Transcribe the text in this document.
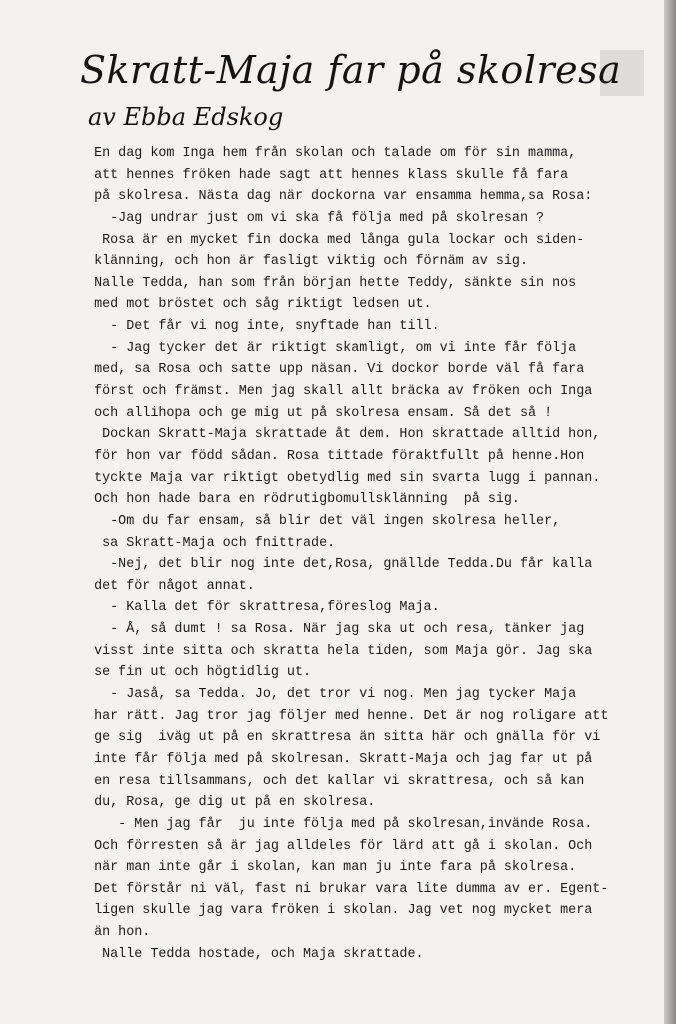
Skratt-Maja far på skolresa
av Ebba Edskog
En dag kom Inga hem från skolan och talade om för sin mamma,
att hennes fröken hade sagt att hennes klass skulle få fara
på skolresa. Nästa dag när dockorna var ensamma hemma,sa Rosa:
-Jag undrar just om vi ska få följa med på skolresan ?
Rosa är en mycket fin docka med långa gula lockar och siden-
klänning, och hon är fasligt viktig och förnäm av sig.
Nalle Tedda, han som från början hette Teddy, sänkte sin nos
med mot bröstet och såg riktigt ledsen ut.
- Det får vi nog inte, snyftade han till.
- Jag tycker det är riktigt skamligt, om vi inte får följa
med, sa Rosa och satte upp näsan. Vi dockor borde väl få fara
först och främst. Men jag skall allt bräcka av fröken och Inga
och allihopa och ge mig ut på skolresa ensam. Så det så !
Dockan Skratt-Maja skrattade åt dem. Hon skrattade alltid hon,
för hon var född sådan. Rosa tittade föraktfullt på henne.Hon
tyckte Maja var riktigt obetydlig med sin svarta lugg i pannan.
Och hon hade bara en rödrutigbomullsklänning  på sig.
-Om du far ensam, så blir det väl ingen skolresa heller,
sa Skratt-Maja och fnittrade.
-Nej, det blir nog inte det,Rosa, gnällde Tedda.Du får kalla
det för något annat.
- Kalla det för skrattresa,föreslog Maja.
- Å, så dumt ! sa Rosa. När jag ska ut och resa, tänker jag
visst inte sitta och skratta hela tiden, som Maja gör. Jag ska
se fin ut och högtidlig ut.
- Jaså, sa Tedda. Jo, det tror vi nog. Men jag tycker Maja
har rätt. Jag tror jag följer med henne. Det är nog roligare att
ge sig  iväg ut på en skrattresa än sitta här och gnälla för vi
inte får följa med på skolresan. Skratt-Maja och jag far ut på
en resa tillsammans, och det kallar vi skrattresa, och så kan
du, Rosa, ge dig ut på en skolresa.
- Men jag får  ju inte följa med på skolresan,invände Rosa.
Och förresten så är jag alldeles för lärd att gå i skolan. Och
när man inte går i skolan, kan man ju inte fara på skolresa.
Det förstår ni väl, fast ni brukar vara lite dumma av er. Egent-
ligen skulle jag vara fröken i skolan. Jag vet nog mycket mera
än hon.
Nalle Tedda hostade, och Maja skrattade.
